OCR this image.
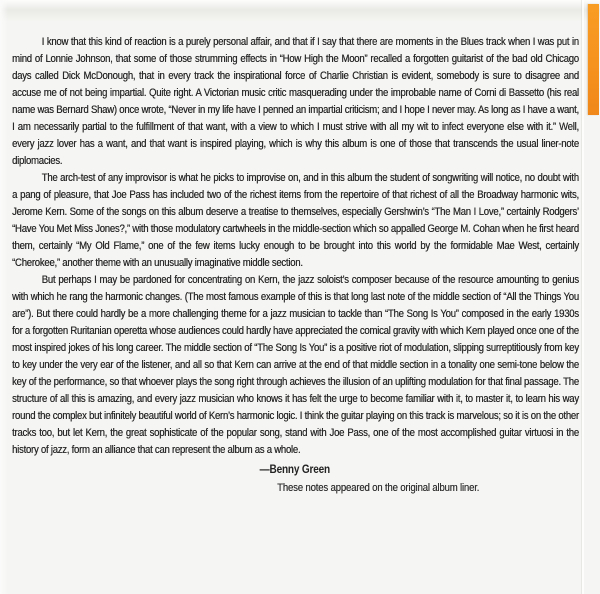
I know that this kind of reaction is a purely personal affair, and that if I say that there are moments in the Blues track when I was put in mind of Lonnie Johnson, that some of those strumming effects in “How High the Moon” recalled a forgotten guitarist of the bad old Chicago days called Dick McDonough, that in every track the inspirational force of Charlie Christian is evident, somebody is sure to disagree and accuse me of not being impartial. Quite right. A Victorian music critic masquerading under the improbable name of Corni di Bassetto (his real name was Bernard Shaw) once wrote, “Never in my life have I penned an impartial criticism; and I hope I never may. As long as I have a want, I am necessarily partial to the fulfillment of that want, with a view to which I must strive with all my wit to infect everyone else with it.” Well, every jazz lover has a want, and that want is inspired playing, which is why this album is one of those that transcends the usual liner-note diplomacies.

The arch-test of any improvisor is what he picks to improvise on, and in this album the student of songwriting will notice, no doubt with a pang of pleasure, that Joe Pass has included two of the richest items from the repertoire of that richest of all the Broadway harmonic wits, Jerome Kern. Some of the songs on this album deserve a treatise to themselves, especially Gershwin’s “The Man I Love,” certainly Rodgers’ “Have You Met Miss Jones?,” with those modulatory cartwheels in the middle-section which so appalled George M. Cohan when he first heard them, certainly “My Old Flame,” one of the few items lucky enough to be brought into this world by the formidable Mae West, certainly “Cherokee,” another theme with an unusually imaginative middle section.

But perhaps I may be pardoned for concentrating on Kern, the jazz soloist’s composer because of the resource amounting to genius with which he rang the harmonic changes. (The most famous example of this is that long last note of the middle section of “All the Things You are”). But there could hardly be a more challenging theme for a jazz musician to tackle than “The Song Is You” composed in the early 1930s for a forgotten Ruritanian operetta whose audiences could hardly have appreciated the comical gravity with which Kern played once one of the most inspired jokes of his long career. The middle section of “The Song Is You” is a positive riot of modulation, slipping surreptitiously from key to key under the very ear of the listener, and all so that Kern can arrive at the end of that middle section in a tonality one semi-tone below the key of the performance, so that whoever plays the song right through achieves the illusion of an uplifting modulation for that final passage. The structure of all this is amazing, and every jazz musician who knows it has felt the urge to become familiar with it, to master it, to learn his way round the complex but infinitely beautiful world of Kern’s harmonic logic. I think the guitar playing on this track is marvelous; so it is on the other tracks too, but let Kern, the great sophisticate of the popular song, stand with Joe Pass, one of the most accomplished guitar virtuosi in the history of jazz, form an alliance that can represent the album as a whole.

—Benny Green
These notes appeared on the original album liner.
